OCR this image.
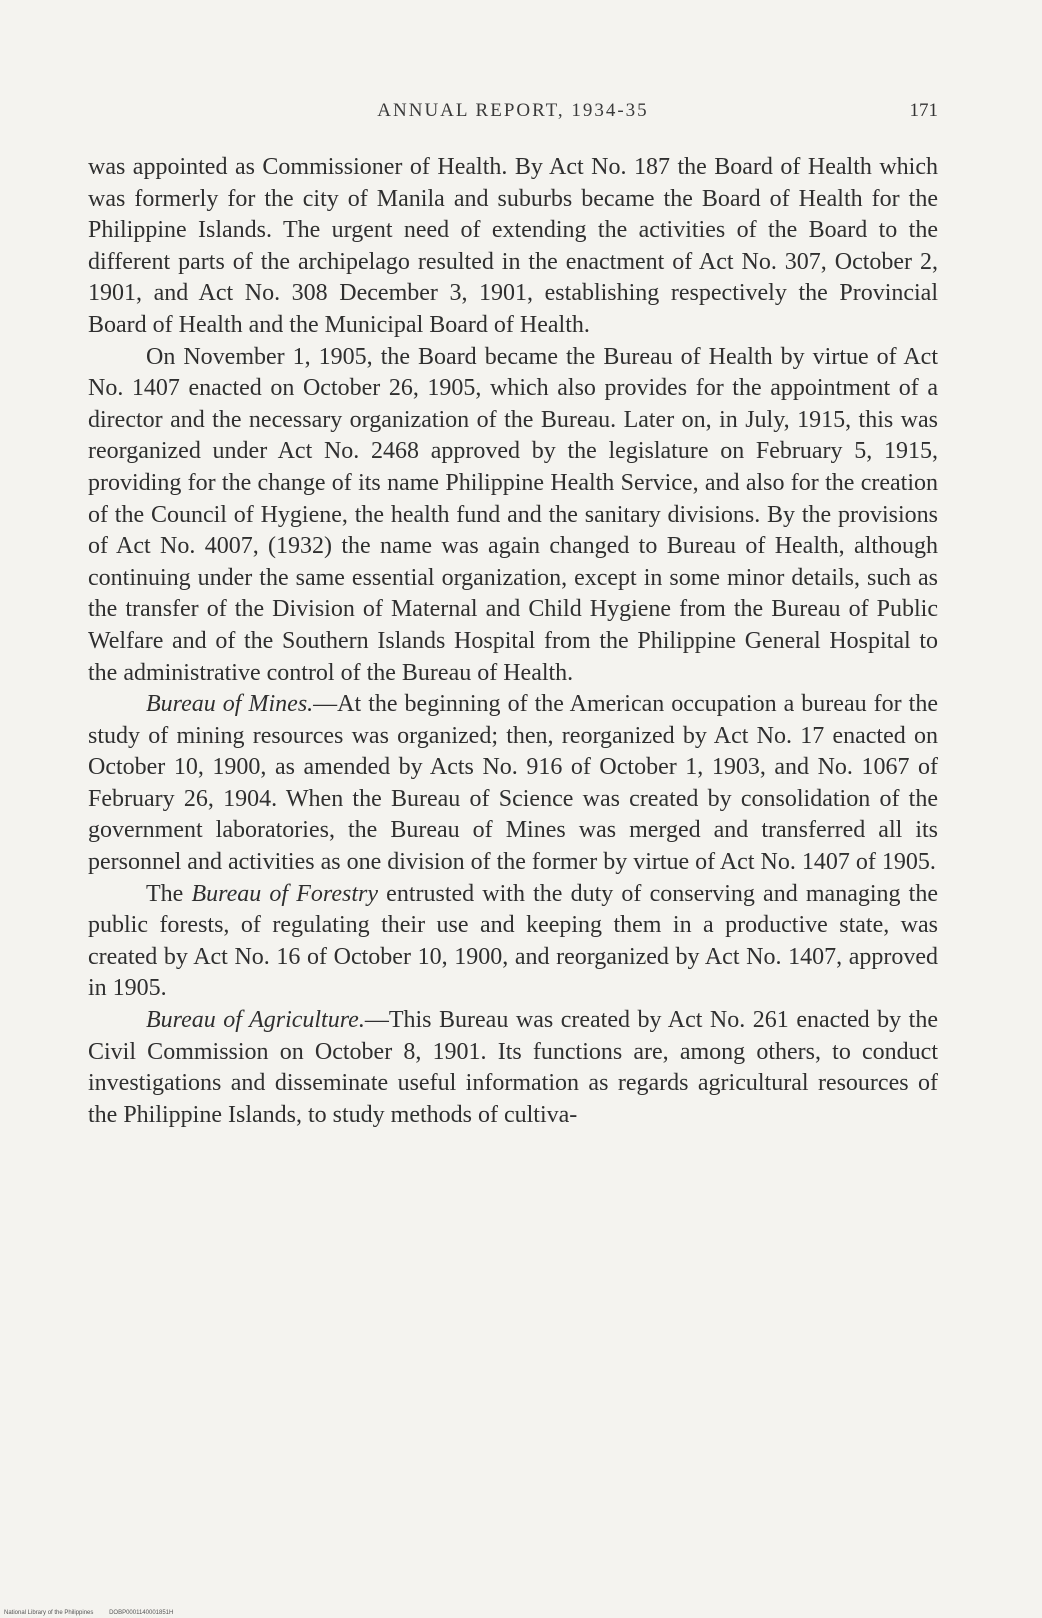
ANNUAL REPORT, 1934-35	171

was appointed as Commissioner of Health. By Act No. 187 the Board of Health which was formerly for the city of Manila and suburbs became the Board of Health for the Philippine Islands. The urgent need of extending the activities of the Board to the different parts of the archipelago resulted in the enactment of Act No. 307, October 2, 1901, and Act No. 308 December 3, 1901, establishing respectively the Provincial Board of Health and the Municipal Board of Health.

On November 1, 1905, the Board became the Bureau of Health by virtue of Act No. 1407 enacted on October 26, 1905, which also provides for the appointment of a director and the necessary organization of the Bureau. Later on, in July, 1915, this was reorganized under Act No. 2468 approved by the legislature on February 5, 1915, providing for the change of its name Philippine Health Service, and also for the creation of the Council of Hygiene, the health fund and the sanitary divisions. By the provisions of Act No. 4007, (1932) the name was again changed to Bureau of Health, although continuing under the same essential organization, except in some minor details, such as the transfer of the Division of Maternal and Child Hygiene from the Bureau of Public Welfare and of the Southern Islands Hospital from the Philippine General Hospital to the administrative control of the Bureau of Health.

Bureau of Mines.—At the beginning of the American occupation a bureau for the study of mining resources was organized; then, reorganized by Act No. 17 enacted on October 10, 1900, as amended by Acts No. 916 of October 1, 1903, and No. 1067 of February 26, 1904. When the Bureau of Science was created by consolidation of the government laboratories, the Bureau of Mines was merged and transferred all its personnel and activities as one division of the former by virtue of Act No. 1407 of 1905.

The Bureau of Forestry entrusted with the duty of conserving and managing the public forests, of regulating their use and keeping them in a productive state, was created by Act No. 16 of October 10, 1900, and reorganized by Act No. 1407, approved in 1905.

Bureau of Agriculture.—This Bureau was created by Act No. 261 enacted by the Civil Commission on October 8, 1901. Its functions are, among others, to conduct investigations and disseminate useful information as regards agricultural resources of the Philippine Islands, to study methods of cultiva-

National Library of the Philippines	DOBP0001140001851H
